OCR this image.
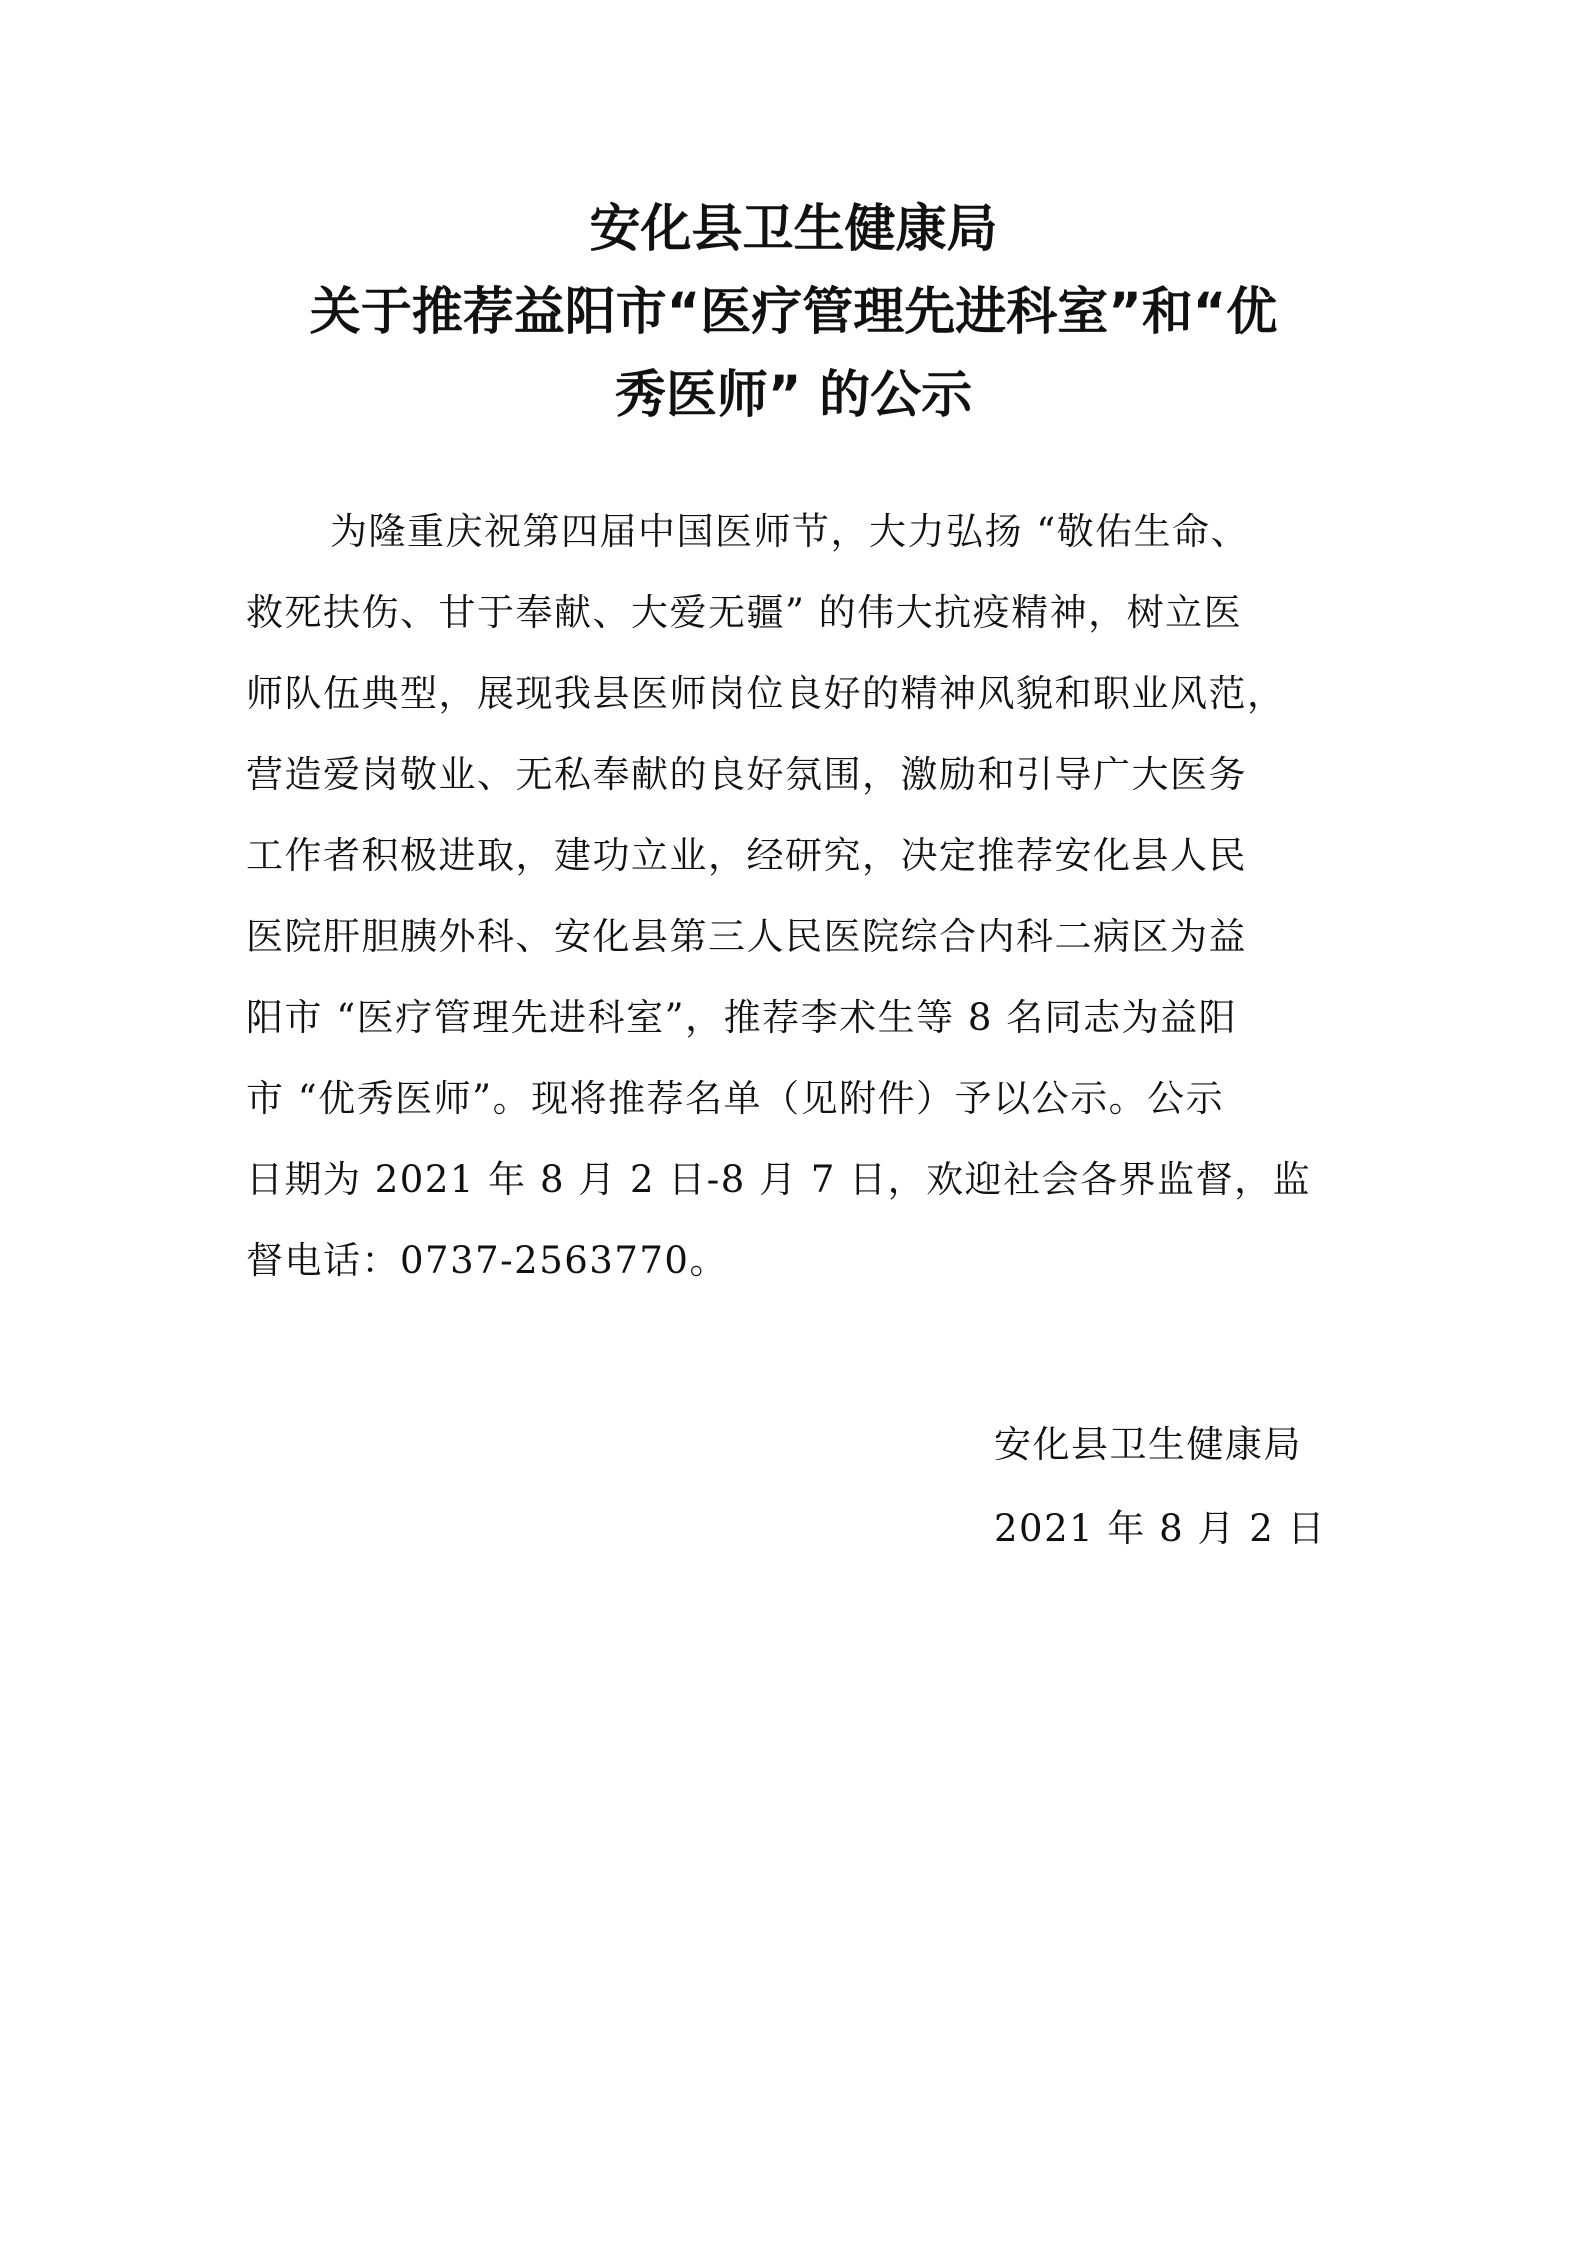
安化县卫生健康局
关于推荐益阳市“医疗管理先进科室”和“优
秀医师” 的公示
为隆重庆祝第四届中国医师节，大力弘扬 “敬佑生命、
救死扶伤、甘于奉献、大爱无疆” 的伟大抗疫精神，树立医
师队伍典型，展现我县医师岗位良好的精神风貌和职业风范，
营造爱岗敬业、无私奉献的良好氛围，激励和引导广大医务
工作者积极进取，建功立业，经研究，决定推荐安化县人民
医院肝胆胰外科、安化县第三人民医院综合内科二病区为益
阳市 “医疗管理先进科室”，推荐李术生等 8 名同志为益阳
市 “优秀医师”。现将推荐名单（见附件）予以公示。公示
日期为 2021 年 8 月 2 日-8 月 7 日，欢迎社会各界监督，监
督电话：0737-2563770。
安化县卫生健康局
2021 年 8 月 2 日
